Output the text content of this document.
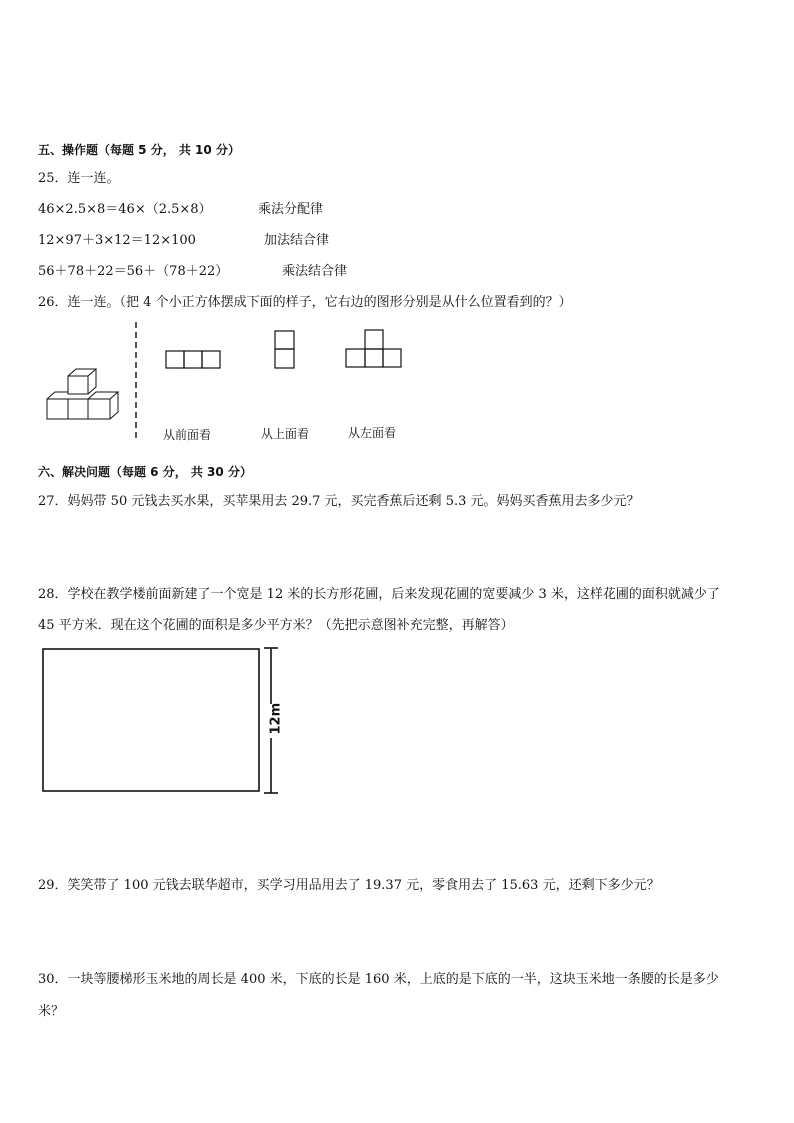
五、操作题（每题 5 分， 共 10 分）
25．连一连。
46×2.5×8＝46×（2.5×8）	乘法分配律
12×97＋3×12＝12×100	加法结合律
56＋78＋22＝56＋（78＋22）	乘法结合律
26．连一连。（把 4 个小正方体摆成下面的样子，它右边的图形分别是从什么位置看到的？）
从前面看	从上面看	从左面看
六、解决问题（每题 6 分， 共 30 分）
27．妈妈带 50 元钱去买水果，买苹果用去 29.7 元，买完香蕉后还剩 5.3 元。妈妈买香蕉用去多少元？
28．学校在教学楼前面新建了一个宽是 12 米的长方形花圃，后来发现花圃的宽要减少 3 米，这样花圃的面积就减少了
45 平方米．现在这个花圃的面积是多少平方米？（先把示意图补充完整，再解答）
12m
29．笑笑带了 100 元钱去联华超市，买学习用品用去了 19.37 元，零食用去了 15.63 元，还剩下多少元？
30．一块等腰梯形玉米地的周长是 400 米，下底的长是 160 米，上底的是下底的一半，这块玉米地一条腰的长是多少
米？
